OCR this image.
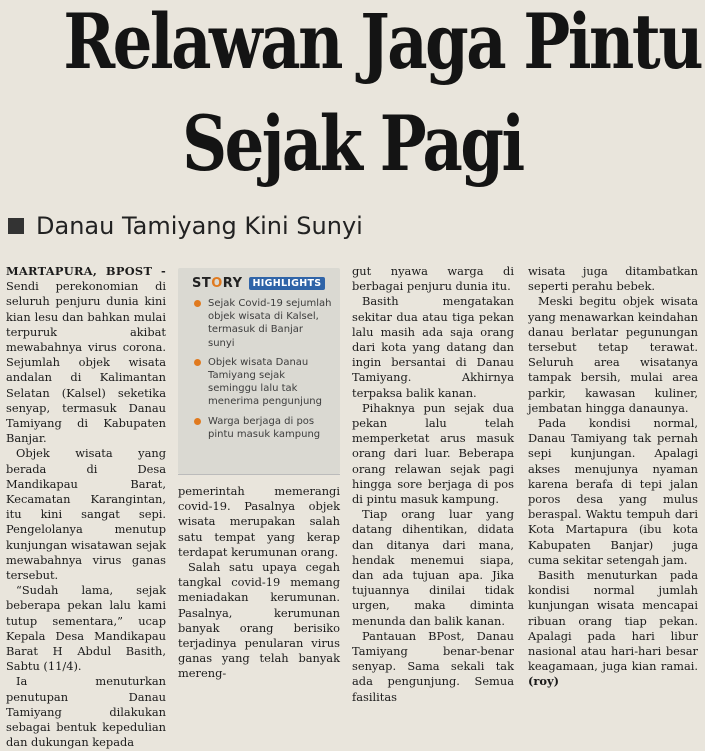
Relawan Jaga Pintu
Sejak Pagi
Danau Tamiyang Kini Sunyi

MARTAPURA, BPOST - Sendi perekonomian di seluruh penjuru dunia kini kian lesu dan bahkan mulai terpuruk akibat mewabahnya virus corona. Sejumlah objek wisata andalan di Kalimantan Selatan (Kalsel) seketika senyap, termasuk Danau Tamiyang di Kabupaten Banjar.

Objek wisata yang berada di Desa Mandikapau Barat, Kecamatan Karangintan, itu kini sangat sepi. Pengelolanya menutup kunjungan wisatawan sejak mewabahnya virus ganas tersebut.

“Sudah lama, sejak beberapa pekan lalu kami tutup sementara,” ucap Kepala Desa Mandikapau Barat H Abdul Basith, Sabtu (11/4).

Ia menuturkan penutupan Danau Tamiyang dilakukan sebagai bentuk kepedulian dan dukungan kepada

STORY	HIGHLIGHTS
Sejak Covid-19 sejumlah objek wisata di Kalsel, termasuk di Banjar sunyi
Objek wisata Danau Tamiyang sejak seminggu lalu tak menerima pengunjung
Warga berjaga di pos pintu masuk kampung

pemerintah memerangi covid-19. Pasalnya objek wisata merupakan salah satu tempat yang kerap terdapat kerumunan orang.

Salah satu upaya cegah tangkal covid-19 memang meniadakan kerumunan. Pasalnya, kerumunan banyak orang berisiko terjadinya penularan virus ganas yang telah banyak mereng-

gut nyawa warga di berbagai penjuru dunia itu.

Basith mengatakan sekitar dua atau tiga pekan lalu masih ada saja orang dari kota yang datang dan ingin bersantai di Danau Tamiyang. Akhirnya terpaksa balik kanan.

Pihaknya pun sejak dua pekan lalu telah memperketat arus masuk orang dari luar. Beberapa orang relawan sejak pagi hingga sore berjaga di pos di pintu masuk kampung.

Tiap orang luar yang datang dihentikan, didata dan ditanya dari mana, hendak menemui siapa, dan ada tujuan apa. Jika tujuannya dinilai tidak urgen, maka diminta menunda dan balik kanan.

Pantauan BPost, Danau Tamiyang benar-benar senyap. Sama sekali tak ada pengunjung. Semua fasilitas

wisata juga ditambatkan seperti perahu bebek.

Meski begitu objek wisata yang menawarkan keindahan danau berlatar pegunungan tersebut tetap terawat. Seluruh area wisatanya tampak bersih, mulai area parkir, kawasan kuliner, jembatan hingga danaunya.

Pada kondisi normal, Danau Tamiyang tak pernah sepi kunjungan. Apalagi akses menujunya nyaman karena berafa di tepi jalan poros desa yang mulus beraspal. Waktu tempuh dari Kota Martapura (ibu kota Kabupaten Banjar) juga cuma sekitar setengah jam.

Basith menuturkan pada kondisi normal jumlah kunjungan wisata mencapai ribuan orang tiap pekan. Apalagi pada hari libur nasional atau hari-hari besar keagamaan, juga kian ramai. (roy)
